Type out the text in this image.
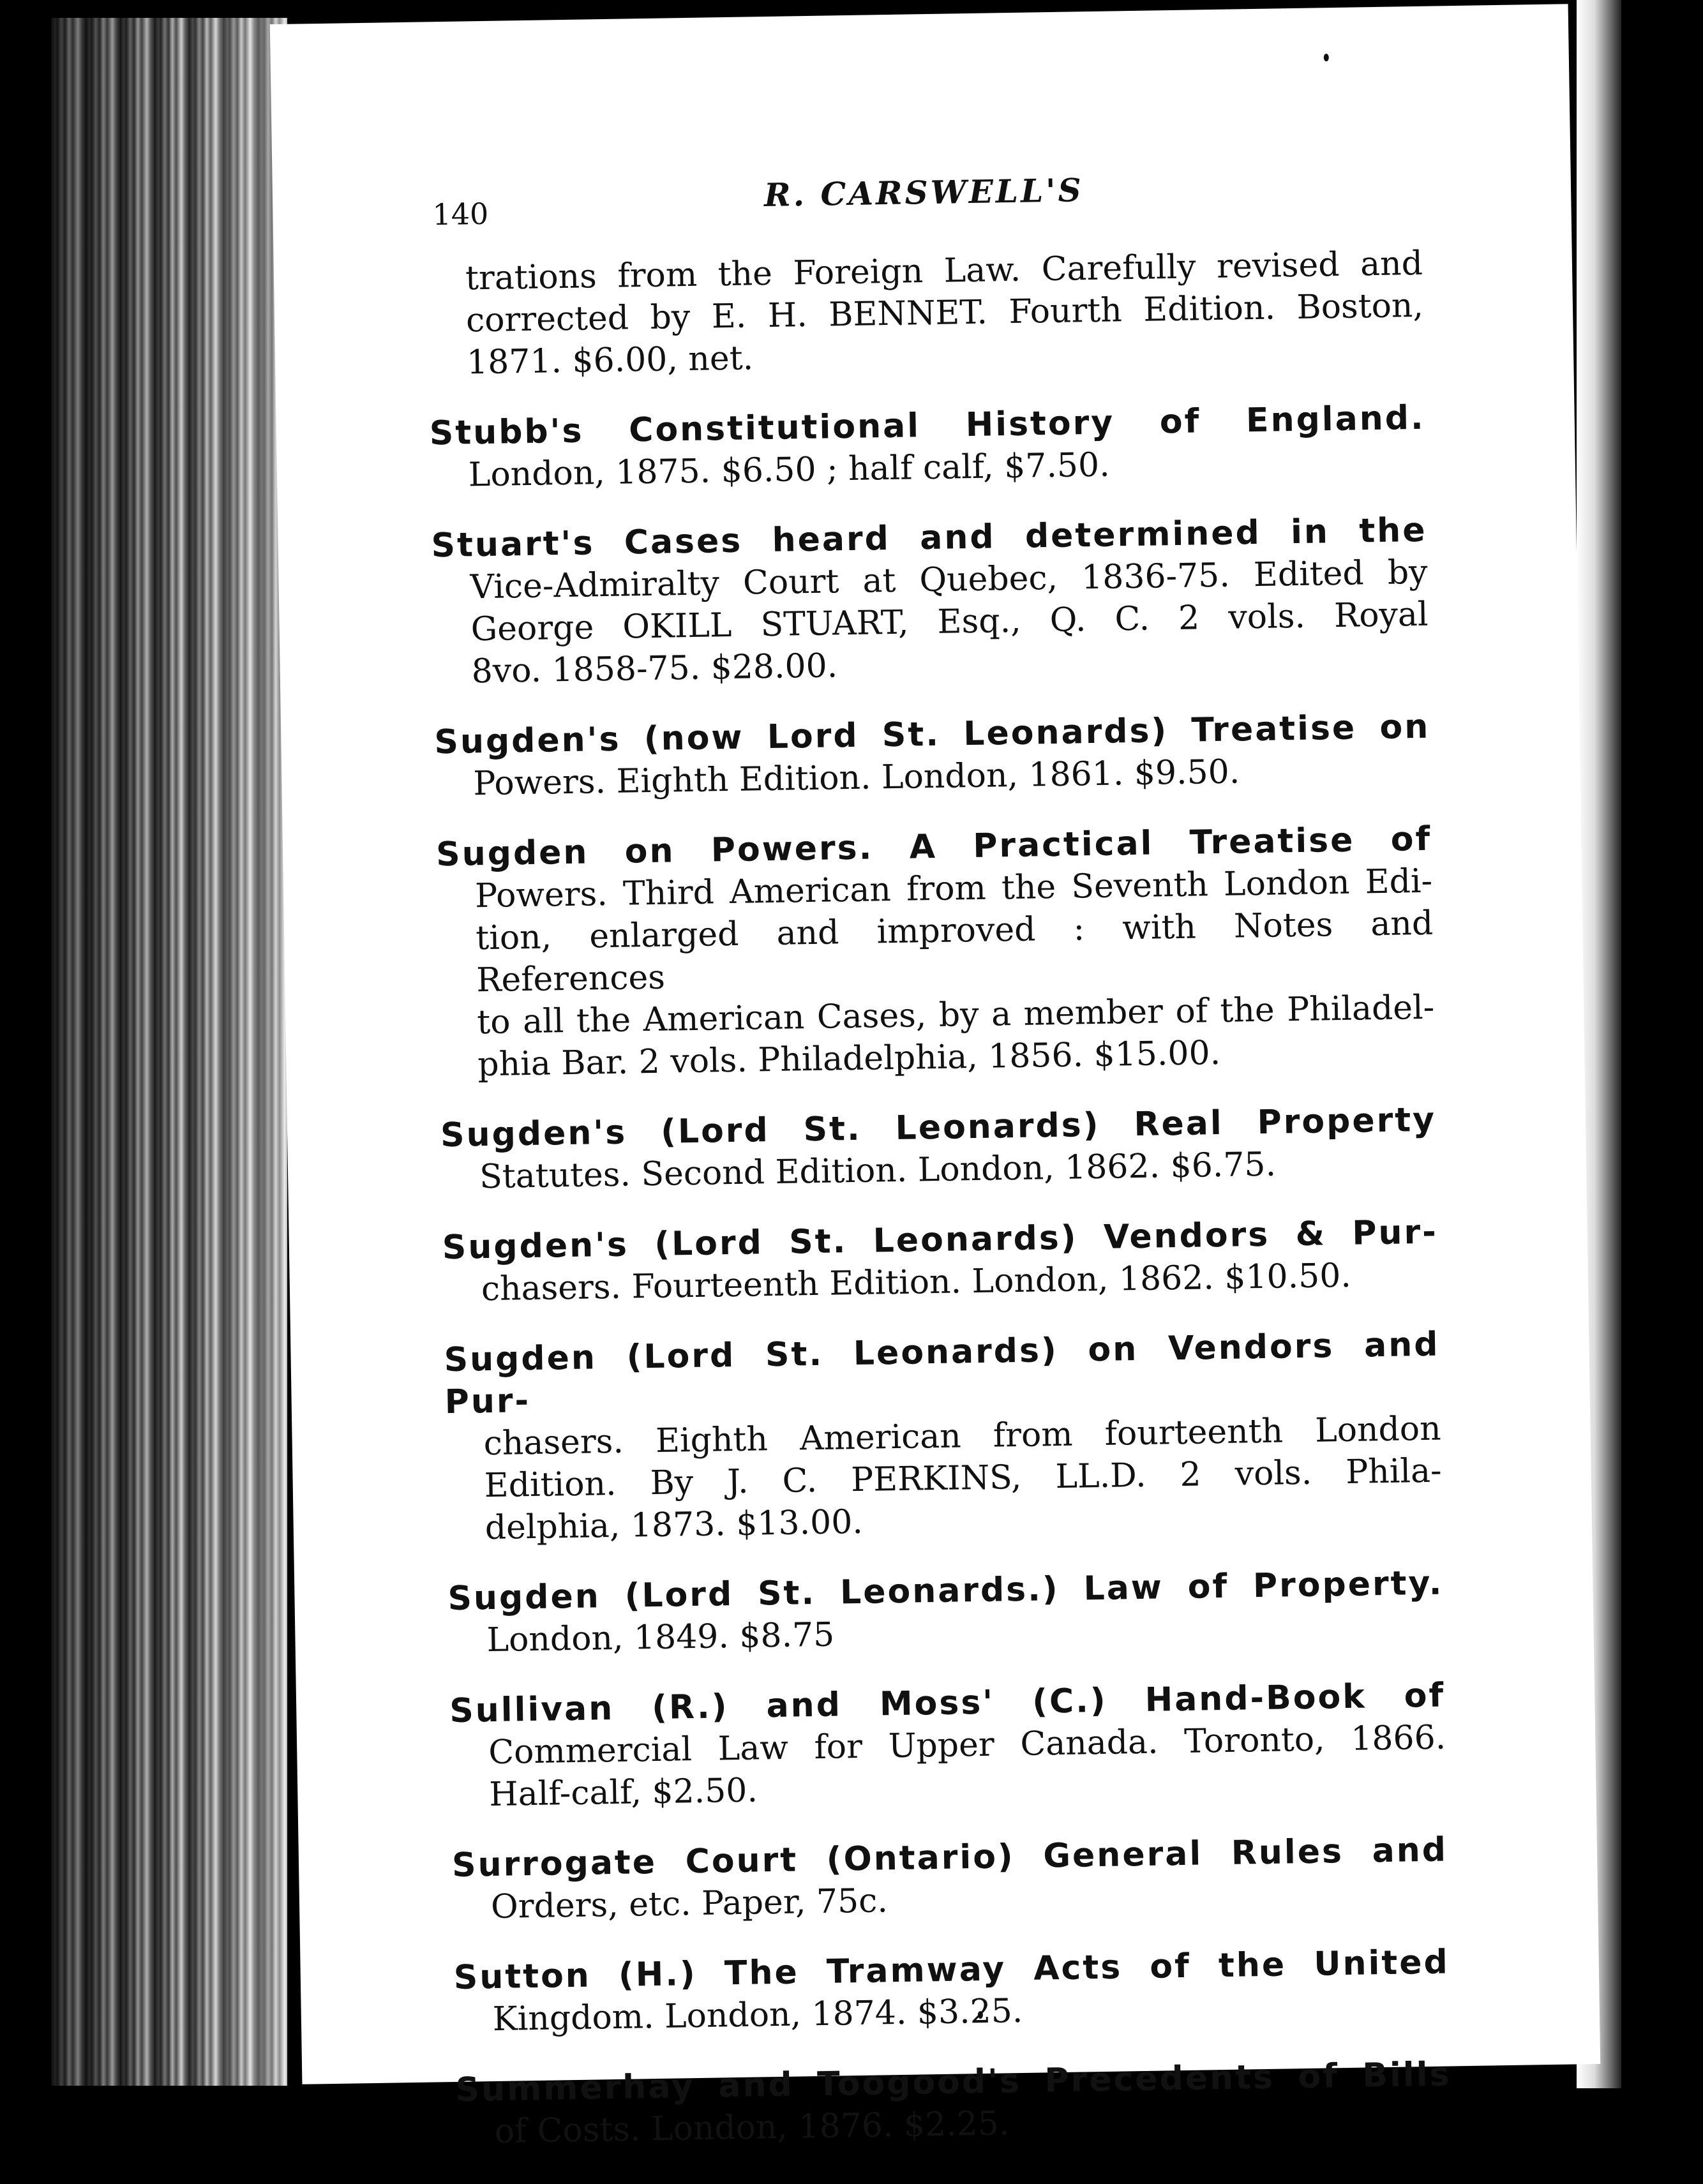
140
R. CARSWELL'S
trations from the Foreign Law. Carefully revised and
corrected by E. H. BENNET. Fourth Edition. Boston,
1871. $6.00, net.
Stubb's Constitutional History of England.
London, 1875. $6.50 ; half calf, $7.50.
Stuart's Cases heard and determined in the
Vice-Admiralty Court at Quebec, 1836-75. Edited by
George OKILL STUART, Esq., Q. C. 2 vols. Royal
8vo. 1858-75. $28.00.
Sugden's (now Lord St. Leonards) Treatise on
Powers. Eighth Edition. London, 1861. $9.50.
Sugden on Powers. A Practical Treatise of
Powers. Third American from the Seventh London Edi-
tion, enlarged and improved : with Notes and References
to all the American Cases, by a member of the Philadel-
phia Bar. 2 vols. Philadelphia, 1856. $15.00.
Sugden's (Lord St. Leonards) Real Property
Statutes. Second Edition. London, 1862. $6.75.
Sugden's (Lord St. Leonards) Vendors & Pur-
chasers. Fourteenth Edition. London, 1862. $10.50.
Sugden (Lord St. Leonards) on Vendors and Pur-
chasers. Eighth American from fourteenth London
Edition. By J. C. PERKINS, LL.D. 2 vols. Phila-
delphia, 1873. $13.00.
Sugden (Lord St. Leonards.) Law of Property.
London, 1849. $8.75
Sullivan (R.) and Moss' (C.) Hand-Book of
Commercial Law for Upper Canada. Toronto, 1866.
Half-calf, $2.50.
Surrogate Court (Ontario) General Rules and
Orders, etc. Paper, 75c.
Sutton (H.) The Tramway Acts of the United
Kingdom. London, 1874. $3.25.
Summerhay and Toogood's Precedents of Bills
of Costs. London, 1876. $2.25.
